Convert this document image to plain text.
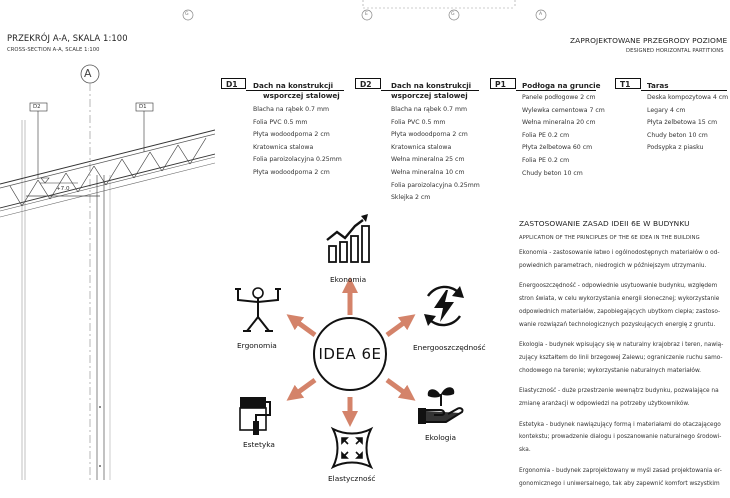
G	E	G	A
PRZEKRÓJ A-A, SKALA 1:100
CROSS-SECTION A-A, SCALE 1:100
A
D2	D1
+7.0
ZAPROJEKTOWANE PRZEGRODY POZIOME
DESIGNED HORIZONTAL PARTITIONS
D1	Dach na konstrukcji
wsporczej stalowej
Blacha na rąbek 0.7 mm
Folia PVC 0.5 mm
Płyta wodoodporna 2 cm
Kratownica stalowa
Folia paroizolacyjna 0.25mm
Płyta wodoodporna 2 cm
D2	Dach na konstrukcji
wsporczej stalowej
Blacha na rąbek 0.7 mm
Folia PVC 0.5 mm
Płyta wodoodporna 2 cm
Kratownica stalowa
Wełna mineralna 25 cm
Wełna mineralna 10 cm
Folia paroizolacyjna 0.25mm
Sklejka 2 cm
P1	Podłoga na gruncie
Panele podłogowe 2 cm
Wylewka cementowa 7 cm
Wełna mineralna 20 cm
Folia PE 0.2 cm
Płyta żelbetowa 60 cm
Folia PE 0.2 cm
Chudy beton 10 cm
T1	Taras
Deska kompozytowa 4 cm
Legary 4 cm
Płyta żelbetowa 15 cm
Chudy beton 10 cm
Podsypka z piasku
IDEA 6E
Ekonomia
Ergonomia	Energooszczędność
Estetyka
Ekologia
Elastyczność
ZASTOSOWANIE ZASAD IDEII 6E W BUDYNKU
APPLICATION OF THE PRINCIPLES OF THE 6E IDEA IN THE BUILDING
Ekonomia - zastosowanie łatwo i ogólnodostępnych materiałów o od-
powiednich parametrach, niedrogich w późniejszym utrzymaniu.
Energooszczędność - odpowiednie usytuowanie budynku, względem
stron świata, w celu wykorzystania energii słonecznej; wykorzystanie
odpowiednich materiałów, zapobiegających ubytkom ciepła; zastoso-
wanie rozwiązań technologicznych pozyskujących energię z gruntu.
Ekologia - budynek wpisujący się w naturalny krajobraz i teren, nawią-
zujący kształtem do linii brzegowej Zalewu; ograniczenie ruchu samo-
chodowego na terenie; wykorzystanie naturalnych materiałów.
Elastyczność - duże przestrzenie wewnątrz budynku, pozwalające na
zmianę aranżacji w odpowiedzi na potrzeby użytkowników.
Estetyka - budynek nawiązujący formą i materiałami do otaczającego
kontekstu; prowadzenie dialogu i poszanowanie naturalnego środowi-
ska.
Ergonomia - budynek zaprojektowany w myśl zasad projektowania er-
gonomicznego i uniwersalnego, tak aby zapewnić komfort wszystkim
